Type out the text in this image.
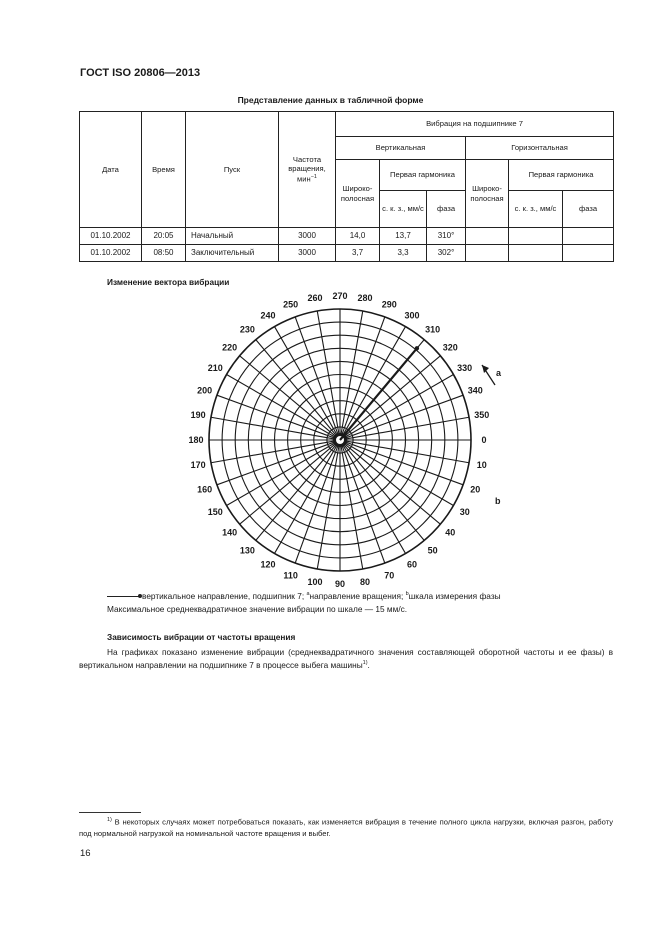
ГОСТ ISO 20806—2013
Представление данных в табличной форме
Дата	Время	Пуск	Частота вращения, мин$^{-1}$	Вибрация на подшипнике 7					
				Вертикальная			Горизонтальная		
				Широко-полосная	Первая гармоника		Широко-полосная	Первая гармоника	
					с. к. з., мм/с	фаза		с. к. з., мм/с	фаза
01.10.2002	20:05	Начальный	3000	14,0	13,7	310°			
01.10.2002	08:50	Заключительный	3000	3,7	3,3	302°			
Изменение вектора вибрации
0
10
20
30
40
50
60
70
80
90
100
110
120
130
140
150
160
170
180
190
200
210
220
230
240
250
260 270 280
290
300
310
320
330
340
350
a
b
вертикальное направление, подшипник 7; $^a$направление вращения; $^b$шкала измерения фазы
Максимальное среднеквадратичное значение вибрации по шкале — 15 мм/с.
Зависимость вибрации от частоты вращения
На графиках показано изменение вибрации (среднеквадратичного значения составляющей оборотной частоты и ее фазы) в вертикальном направлении на подшипнике 7 в процессе выбега машины$^{1)}$.
$^{1)}$ В некоторых случаях может потребоваться показать, как изменяется вибрация в течение полного цикла нагрузки, включая разгон, работу под нормальной нагрузкой на номинальной частоте вращения и выбег.
16
